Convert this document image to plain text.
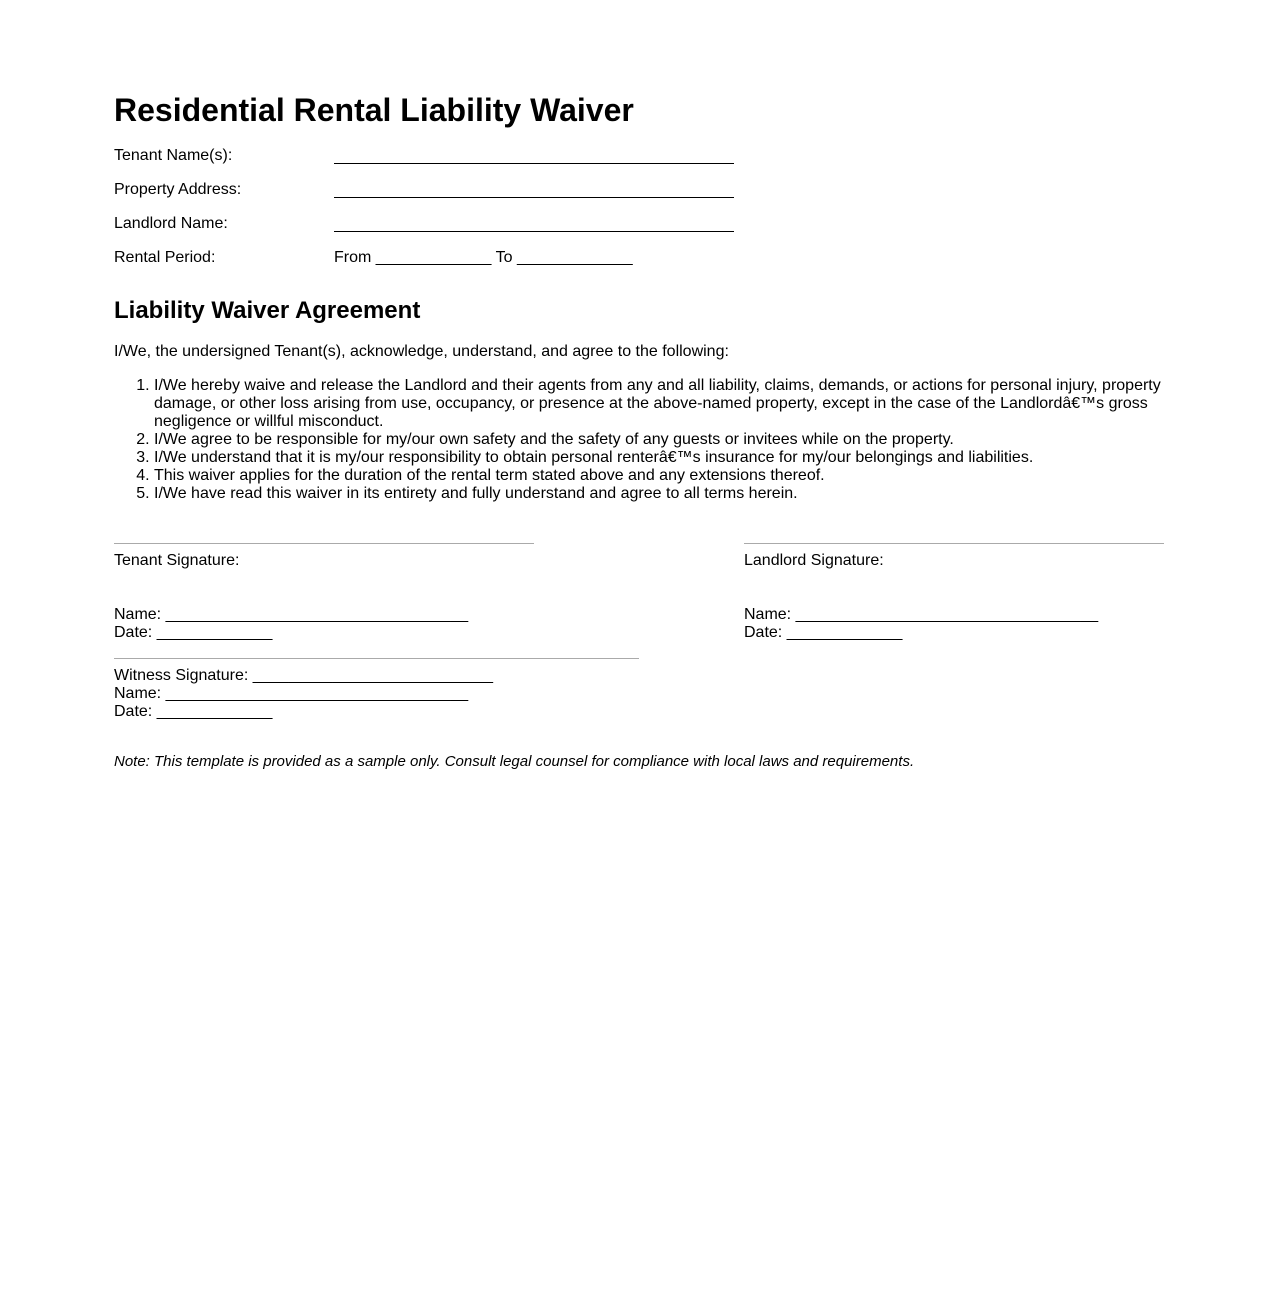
Residential Rental Liability Waiver
Tenant Name(s):
Property Address:
Landlord Name:
Rental Period:	From _____________ To _____________
Liability Waiver Agreement

I/We, the undersigned Tenant(s), acknowledge, understand, and agree to the following:

1. I/We hereby waive and release the Landlord and their agents from any and all liability, claims, demands, or actions for personal injury, property damage, or other loss arising from use, occupancy, or presence at the above-named property, except in the case of the Landlordâ€™s gross negligence or willful misconduct.
2. I/We agree to be responsible for my/our own safety and the safety of any guests or invitees while on the property.
3. I/We understand that it is my/our responsibility to obtain personal renterâ€™s insurance for my/our belongings and liabilities.
4. This waiver applies for the duration of the rental term stated above and any extensions thereof.
5. I/We have read this waiver in its entirety and fully understand and agree to all terms herein.
Tenant Signature:
Name: __________________________________
Date: _____________
Landlord Signature:
Name: __________________________________
Date: _____________
Witness Signature: ___________________________
Name: __________________________________
Date: _____________

Note: This template is provided as a sample only. Consult legal counsel for compliance with local laws and requirements.
